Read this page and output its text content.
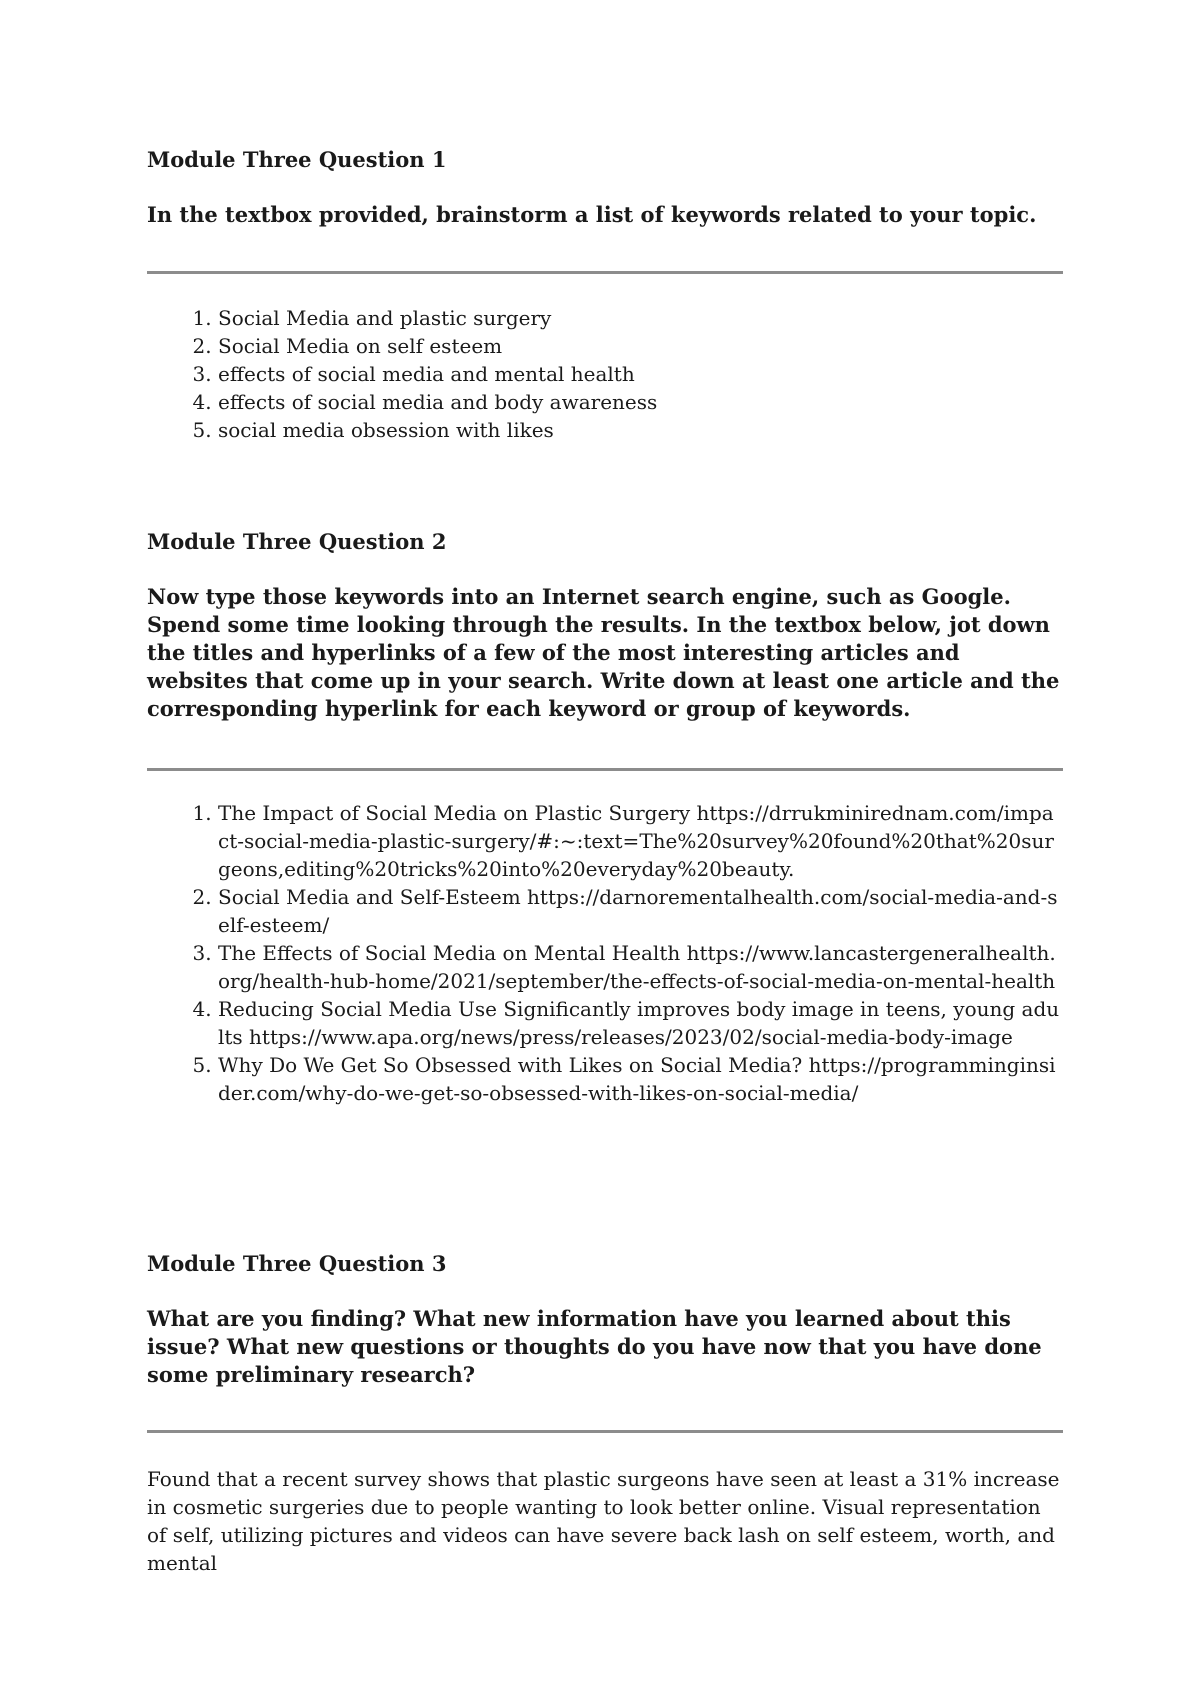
Module Three Question 1

In the textbox provided, brainstorm a list of keywords related to your topic.

1. Social Media and plastic surgery
2. Social Media on self esteem
3. effects of social media and mental health
4. effects of social media and body awareness
5. social media obsession with likes

Module Three Question 2

Now type those keywords into an Internet search engine, such as Google. Spend some time looking through the results. In the textbox below, jot down the titles and hyperlinks of a few of the most interesting articles and websites that come up in your search. Write down at least one article and the corresponding hyperlink for each keyword or group of keywords.

1. The Impact of Social Media on Plastic Surgery https://drrukminirednam.com/impact-social-media-plastic-surgery/#:~:text=The%20survey%20found%20that%20surgeons,editing%20tricks%20into%20everyday%20beauty.
2. Social Media and Self-Esteem https://darnorementalhealth.com/social-media-and-self-esteem/
3. The Effects of Social Media on Mental Health https://www.lancastergeneralhealth.org/health-hub-home/2021/september/the-effects-of-social-media-on-mental-health
4. Reducing Social Media Use Significantly improves body image in teens, young adults https://www.apa.org/news/press/releases/2023/02/social-media-body-image
5. Why Do We Get So Obsessed with Likes on Social Media? https://programminginsider.com/why-do-we-get-so-obsessed-with-likes-on-social-media/

Module Three Question 3

What are you finding? What new information have you learned about this issue? What new questions or thoughts do you have now that you have done some preliminary research?

Found that a recent survey shows that plastic surgeons have seen at least a 31% increase in cosmetic surgeries due to people wanting to look better online. Visual representation of self, utilizing pictures and videos can have severe back lash on self esteem, worth, and mental
